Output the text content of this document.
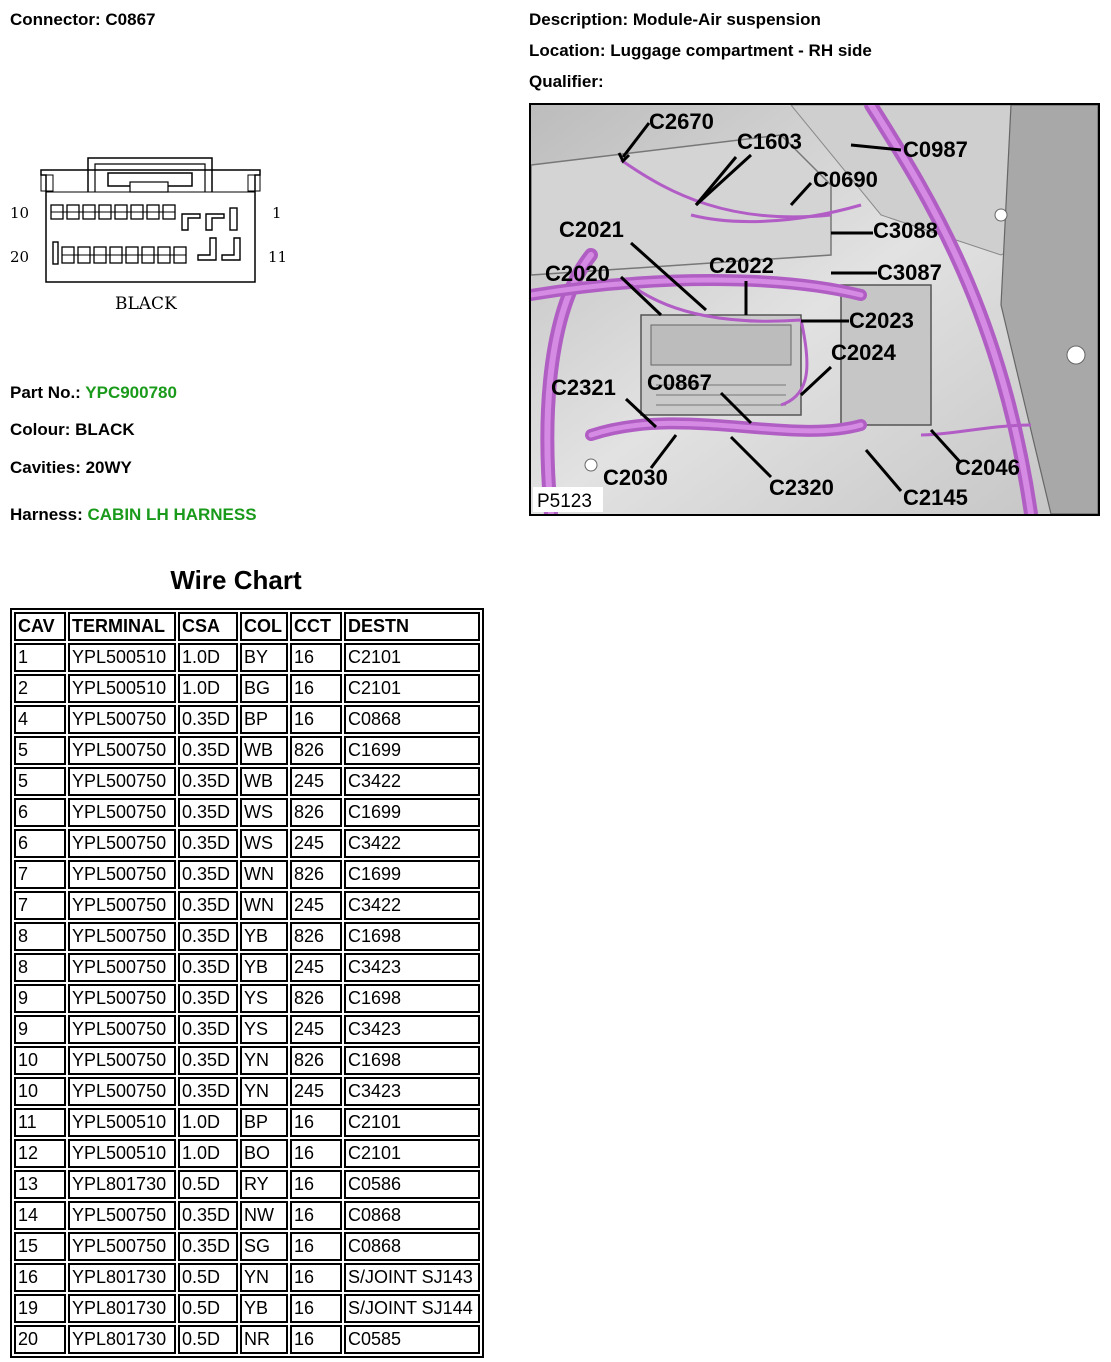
Connector: C0867	Description: Module-Air suspension
Location: Luggage compartment - RH side
Qualifier:
10	1
20	11
BLACK
Part No.: YPC900780
Colour: BLACK
Cavities: 20WY
Harness: CABIN LH HARNESS
C2670
C1603	C0987
C0690
C2021	C3088
C2020	C2022	C3087
C2023
C2024
C2321 C0867
C2046
C2030	C2320	C2145
P5123
Wire Chart
CAV	TERMINAL	CSA	COL	CCT	DESTN
1	YPL500510	1.0D	BY	16	C2101
2	YPL500510	1.0D	BG	16	C2101
4	YPL500750	0.35D	BP	16	C0868
5	YPL500750	0.35D	WB	826	C1699
5	YPL500750	0.35D	WB	245	C3422
6	YPL500750	0.35D	WS	826	C1699
6	YPL500750	0.35D	WS	245	C3422
7	YPL500750	0.35D	WN	826	C1699
7	YPL500750	0.35D	WN	245	C3422
8	YPL500750	0.35D	YB	826	C1698
8	YPL500750	0.35D	YB	245	C3423
9	YPL500750	0.35D	YS	826	C1698
9	YPL500750	0.35D	YS	245	C3423
10	YPL500750	0.35D	YN	826	C1698
10	YPL500750	0.35D	YN	245	C3423
11	YPL500510	1.0D	BP	16	C2101
12	YPL500510	1.0D	BO	16	C2101
13	YPL801730	0.5D	RY	16	C0586
14	YPL500750	0.35D	NW	16	C0868
15	YPL500750	0.35D	SG	16	C0868
16	YPL801730	0.5D	YN	16	S/JOINT SJ143
19	YPL801730	0.5D	YB	16	S/JOINT SJ144
20	YPL801730	0.5D	NR	16	C0585
